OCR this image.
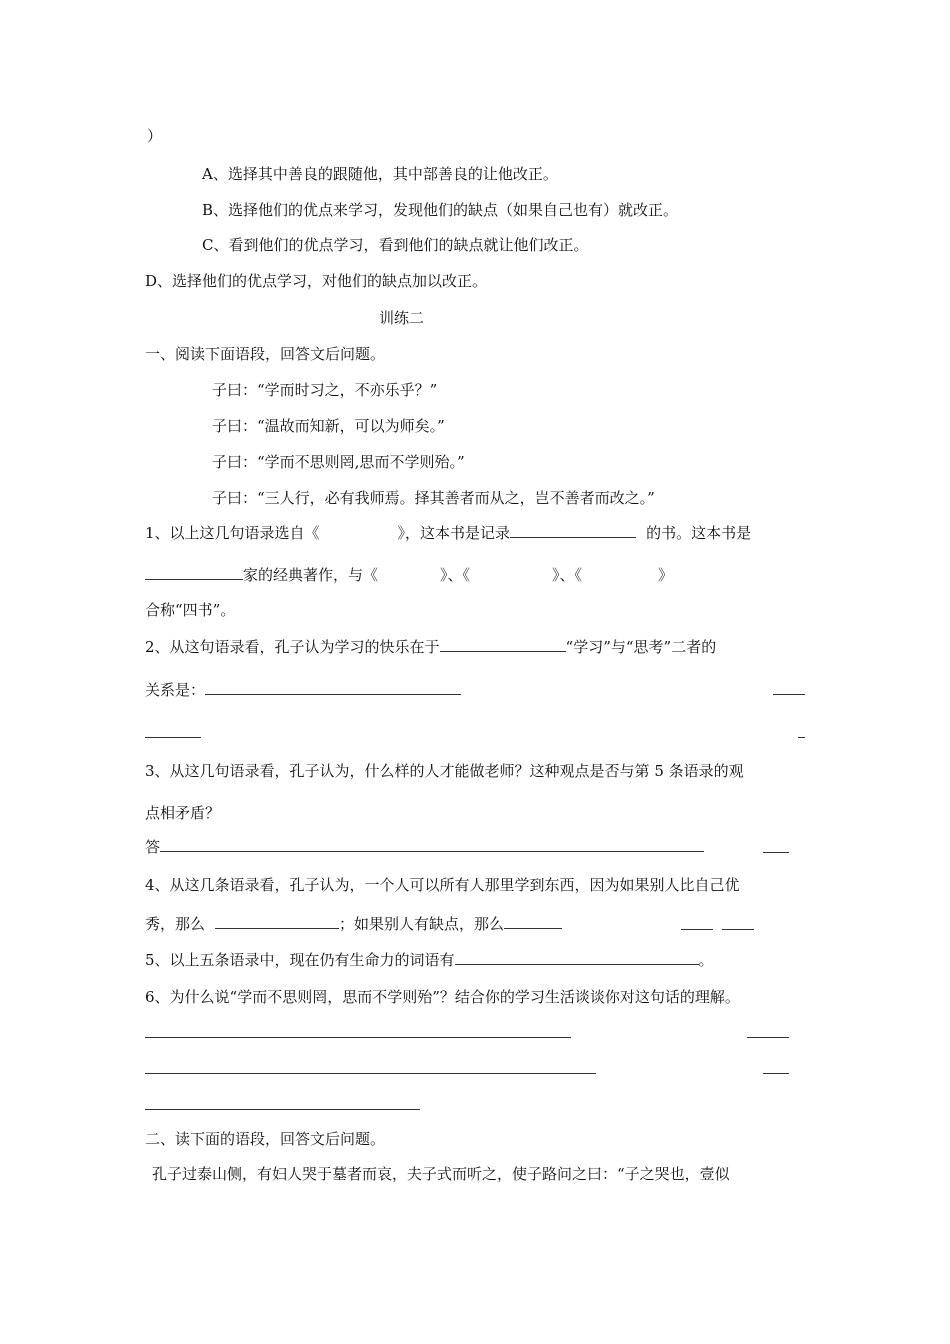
）
A、选择其中善良的跟随他，其中部善良的让他改正。
B、选择他们的优点来学习，发现他们的缺点（如果自己也有）就改正。
C、看到他们的优点学习，看到他们的缺点就让他们改正。
D、选择他们的优点学习，对他们的缺点加以改正。
训练二
一、阅读下面语段，回答文后问题。
子曰：“学而时习之，不亦乐乎？”
子曰：“温故而知新，可以为师矣。”
子曰：“学而不思则罔,思而不学则殆。”
子曰：“三人行，必有我师焉。择其善者而从之，岂不善者而改之。”
1、以上这几句语录选自《	》，这本书是记录	的书。这本书是
家的经典著作，与《	》、《	》、《	》
合称“四书”。
2、从这句语录看，孔子认为学习的快乐在于	“学习”与“思考”二者的
关系是：
3、从这几句语录看，孔子认为，什么样的人才能做老师？这种观点是否与第 5 条语录的观
点相矛盾？
答
4、从这几条语录看，孔子认为，一个人可以所有人那里学到东西，因为如果别人比自己优
秀，那么	；如果别人有缺点，那么
5、以上五条语录中，现在仍有生命力的词语有	。
6、为什么说“学而不思则罔，思而不学则殆”？结合你的学习生活谈谈你对这句话的理解。
二、读下面的语段，回答文后问题。
孔子过泰山侧，有妇人哭于墓者而哀，夫子式而听之，使子路问之曰：“子之哭也，壹似
